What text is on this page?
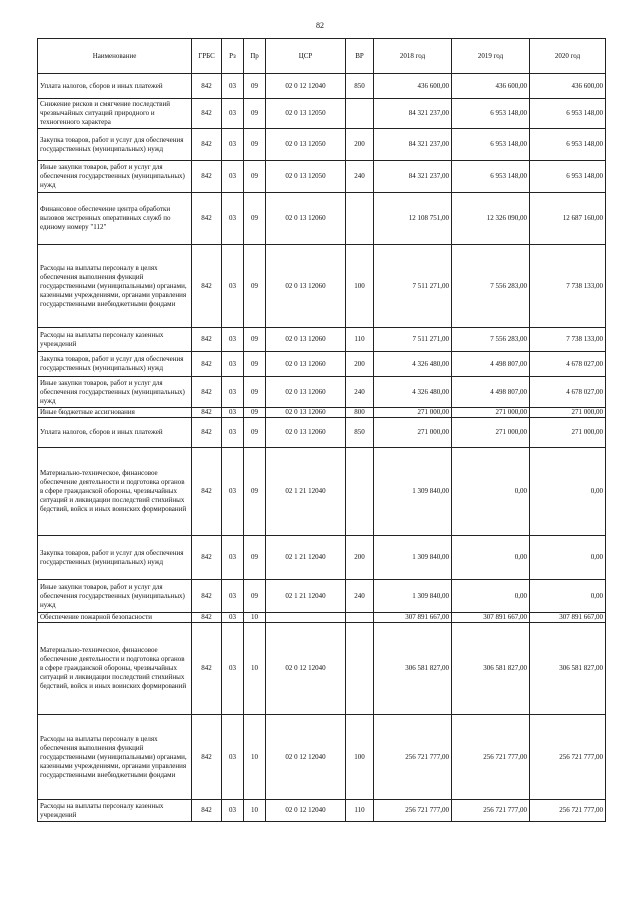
82
Наименование	ГРБС	Рз	Пр	ЦСР	ВР	2018 год	2019 год	2020 год
Уплата налогов, сборов и иных платежей	842	03	09	02 0 12 12040	850	436 600,00	436 600,00	436 600,00
Снижение рисков и смягчение последствий чрезвычайных ситуаций природного и техногенного характера	842	03	09	02 0 13 12050		84 321 237,00	6 953 148,00	6 953 148,00
Закупка товаров, работ и услуг для обеспечения государственных (муниципальных) нужд	842	03	09	02 0 13 12050	200	84 321 237,00	6 953 148,00	6 953 148,00
Иные закупки товаров, работ и услуг для обеспечения государственных (муниципальных) нужд	842	03	09	02 0 13 12050	240	84 321 237,00	6 953 148,00	6 953 148,00
Финансовое обеспечение центра обработки вызовов экстренных оперативных служб по единому номеру "112"	842	03	09	02 0 13 12060		12 108 751,00	12 326 090,00	12 687 160,00
Расходы на выплаты персоналу в целях обеспечения выполнения функций государственными (муниципальными) органами, казенными учреждениями, органами управления государственными внебюджетными фондами	842	03	09	02 0 13 12060	100	7 511 271,00	7 556 283,00	7 738 133,00
Расходы на выплаты персоналу казенных учреждений	842	03	09	02 0 13 12060	110	7 511 271,00	7 556 283,00	7 738 133,00
Закупка товаров, работ и услуг для обеспечения государственных (муниципальных) нужд	842	03	09	02 0 13 12060	200	4 326 480,00	4 498 807,00	4 678 027,00
Иные закупки товаров, работ и услуг для обеспечения государственных (муниципальных) нужд	842	03	09	02 0 13 12060	240	4 326 480,00	4 498 807,00	4 678 027,00
Иные бюджетные ассигнования	842	03	09	02 0 13 12060	800	271 000,00	271 000,00	271 000,00
Уплата налогов, сборов и иных платежей	842	03	09	02 0 13 12060	850	271 000,00	271 000,00	271 000,00
Материально-техническое, финансовое обеспечение деятельности и подготовка органов в сфере гражданской обороны, чрезвычайных ситуаций и ликвидации последствий стихийных бедствий, войск и иных воинских формирований	842	03	09	02 1 21 12040		1 309 840,00	0,00	0,00
Закупка товаров, работ и услуг для обеспечения государственных (муниципальных) нужд	842	03	09	02 1 21 12040	200	1 309 840,00	0,00	0,00
Иные закупки товаров, работ и услуг для обеспечения государственных (муниципальных) нужд	842	03	09	02 1 21 12040	240	1 309 840,00	0,00	0,00
Обеспечение пожарной безопасности	842	03	10			307 891 667,00	307 891 667,00	307 891 667,00
Материально-техническое, финансовое обеспечение деятельности и подготовка органов в сфере гражданской обороны, чрезвычайных ситуаций и ликвидации последствий стихийных бедствий, войск и иных воинских формирований	842	03	10	02 0 12 12040		306 581 827,00	306 581 827,00	306 581 827,00
Расходы на выплаты персоналу в целях обеспечения выполнения функций государственными (муниципальными) органами, казенными учреждениями, органами управления государственными внебюджетными фондами	842	03	10	02 0 12 12040	100	256 721 777,00	256 721 777,00	256 721 777,00
Расходы на выплаты персоналу казенных учреждений	842	03	10	02 0 12 12040	110	256 721 777,00	256 721 777,00	256 721 777,00
